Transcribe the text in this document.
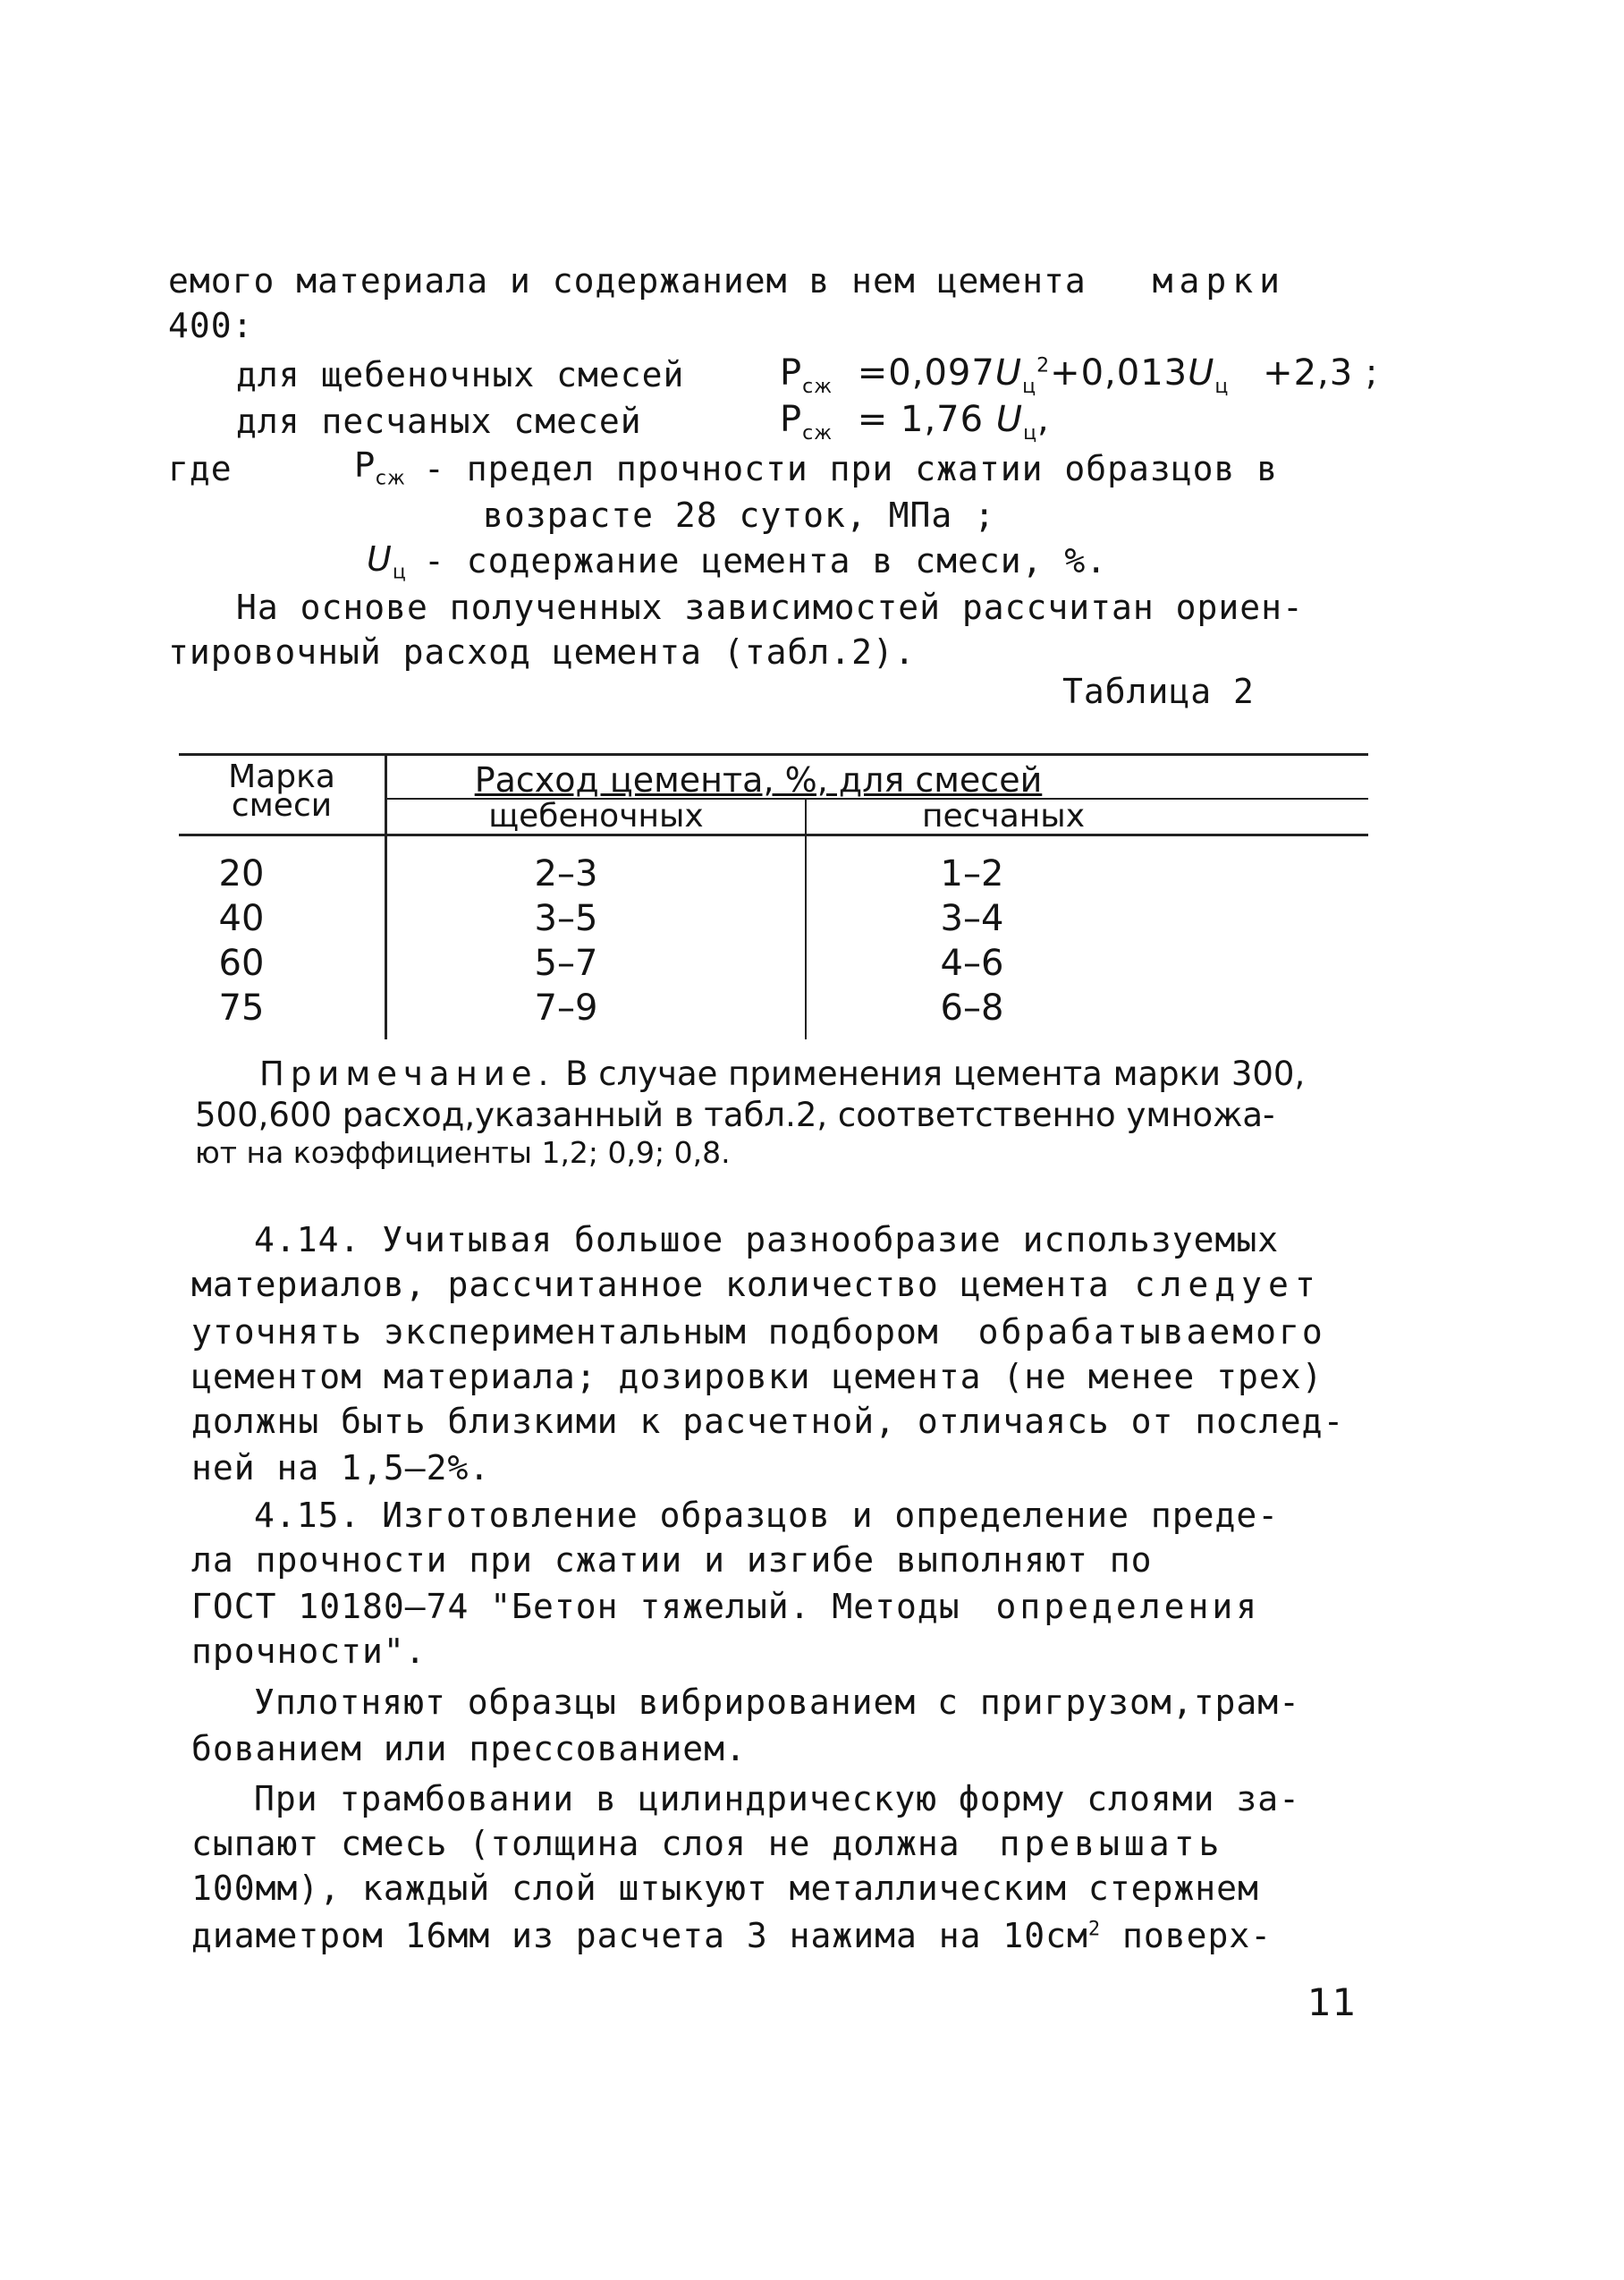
емого материала и содержанием в нем цемента марки
400:
для щебеночных смесей	$P_{сж} =0,097U_ц^2+0,013U_ц +2,3$ ;
для песчаных смесей	$P_{сж} = 1,76$ $U_ц$,
где	$P_{сж}$ - предел прочности при сжатии образцов в
возрасте 28 суток, МПа ;
$U_ц$ - содержание цемента в смеси, %.
На основе полученных зависимостей рассчитан ориен-
тировочный расход цемента (табл.2).
Таблица 2
Марка
смеси
Расход цемента, %, для смесей
щебеночных	песчаных
20	2–3	1–2
40	3–5	3–4
60	5–7	4–6
75	7–9	6–8
Примечание. В случае применения цемента марки 300,
500,600 расход,указанный в табл.2, соответственно умножа-
ют на коэффициенты 1,2; 0,9; 0,8.
4.14. Учитывая большое разнообразие используемых
материалов, рассчитанное количество цемента следует
уточнять экспериментальным подбором обрабатываемого
цементом материала; дозировки цемента (не менее трех)
должны быть близкими к расчетной, отличаясь от послед-
ней на 1,5–2%.
4.15. Изготовление образцов и определение преде-
ла прочности при сжатии и изгибе выполняют по
ГОСТ 10180–74 "Бетон тяжелый. Методы определения
прочности".
Уплотняют образцы вибрированием с пригрузом,трам-
бованием или прессованием.
При трамбовании в цилиндрическую форму слоями за-
сыпают смесь (толщина слоя не должна превышать
100мм), каждый слой штыкуют металлическим стержнем
диаметром 16мм из расчета 3 нажима на $10см^2$ поверх-
11
